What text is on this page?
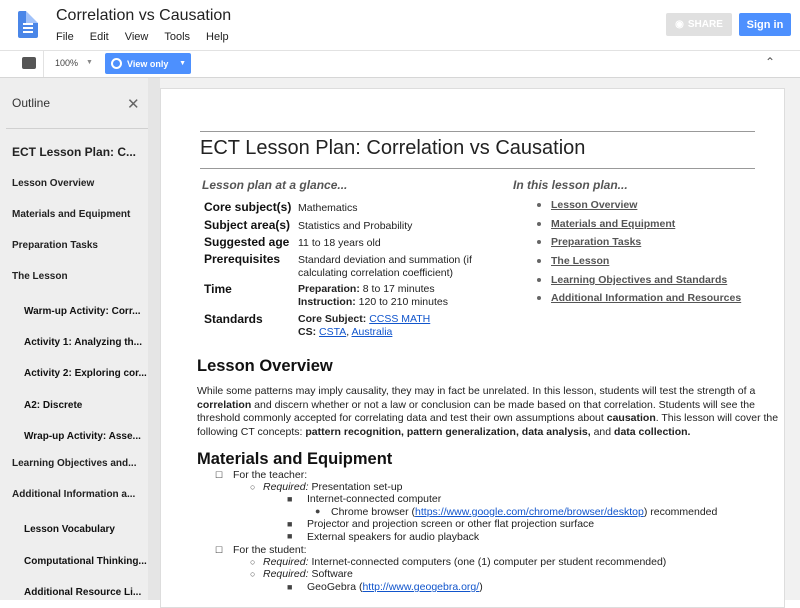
Correlation vs Causation
File Edit View Tools Help
◉ SHARE	Sign in
100% ▼	View only ▼	⌃
Outline	✕
ECT Lesson Plan: C...
Lesson Overview
Materials and Equipment
Preparation Tasks
The Lesson
Warm-up Activity: Corr...
Activity 1: Analyzing th...
Activity 2: Exploring cor...
A2: Discrete
Wrap-up Activity: Asse...
Learning Objectives and...
Additional Information a...
Lesson Vocabulary
Computational Thinking...
Additional Resource Li...
ECT Lesson Plan: Correlation vs Causation
Lesson plan at a glance...
Core subject(s) Mathematics
Subject area(s) Statistics and Probability
Suggested age 11 to 18 years old
Prerequisites Standard deviation and summation (if
calculating correlation coefficient)
Time	Preparation: 8 to 17 minutes
Instruction: 120 to 210 minutes
Standards	Core Subject: CCSS MATH
CS: CSTA, Australia
In this lesson plan...
Lesson Overview
Materials and Equipment
Preparation Tasks
The Lesson
Learning Objectives and Standards
Additional Information and Resources
Lesson Overview
While some patterns may imply causality, they may in fact be unrelated. In this lesson, students will test the strength of a correlation and discern whether or not a law or conclusion can be made based on that correlation. Students will see the threshold commonly accepted for correlating data and test their own assumptions about causation. This lesson will cover the following CT concepts: pattern recognition, pattern generalization, data analysis, and data collection.
Materials and Equipment
☐ For the teacher:
○ Required: Presentation set-up
■ Internet-connected computer
● Chrome browser (https://www.google.com/chrome/browser/desktop) recommended
■ Projector and projection screen or other flat projection surface
■ External speakers for audio playback
☐ For the student:
○ Required: Internet-connected computers (one (1) computer per student recommended)
○ Required: Software
■ GeoGebra (http://www.geogebra.org/)
